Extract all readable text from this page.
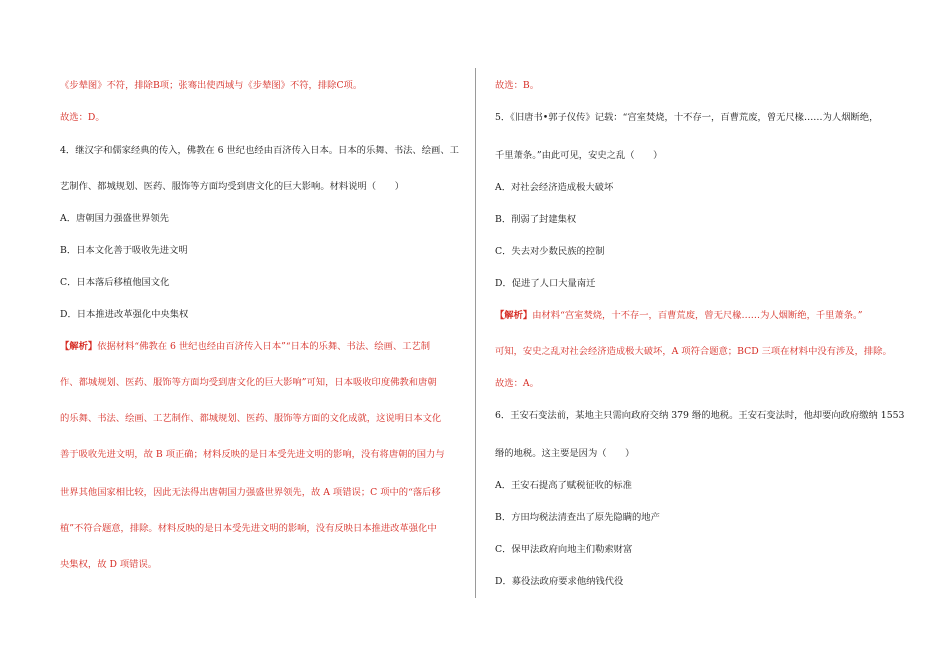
《步辇图》不符，排除B项；张骞出使西域与《步辇图》不符，排除C项。
故选：D。
4．继汉字和儒家经典的传入，佛教在 6 世纪也经由百济传入日本。日本的乐舞、书法、绘画、工
艺制作、都城规划、医药、服饰等方面均受到唐文化的巨大影响。材料说明（　　）
A．唐朝国力强盛世界领先
B．日本文化善于吸收先进文明
C．日本落后移植他国文化
D．日本推进改革强化中央集权
【解析】依据材料“佛教在 6 世纪也经由百济传入日本”“日本的乐舞、书法、绘画、工艺制
作、都城规划、医药、服饰等方面均受到唐文化的巨大影响”可知，日本吸收印度佛教和唐朝
的乐舞、书法、绘画、工艺制作、都城规划、医药、服饰等方面的文化成就，这说明日本文化
善于吸收先进文明，故 B 项正确；材料反映的是日本受先进文明的影响，没有将唐朝的国力与
世界其他国家相比较，因此无法得出唐朝国力强盛世界领先，故 A 项错误；C 项中的“落后移
植”不符合题意，排除。材料反映的是日本受先进文明的影响，没有反映日本推进改革强化中
央集权，故 D 项错误。
故选：B。
5．《旧唐书•郭子仪传》记载：“宫室焚烧，十不存一，百曹荒废，曾无尺椽……为人烟断绝，
千里萧条。”由此可见，安史之乱（　　）
A．对社会经济造成极大破坏
B．削弱了封建集权
C．失去对少数民族的控制
D．促进了人口大量南迁
【解析】由材料“宫室焚烧，十不存一，百曹荒废，曾无尺椽……为人烟断绝，千里萧条。”
可知，安史之乱对社会经济造成极大破坏，A 项符合题意；BCD 三项在材料中没有涉及，排除。
故选：A。
6．王安石变法前，某地主只需向政府交纳 379 缗的地税。王安石变法时，他却要向政府缴纳 1553
缗的地税。这主要是因为（　　）
A．王安石提高了赋税征收的标准
B．方田均税法清查出了原先隐瞒的地产
C．保甲法政府向地主们勒索财富
D．募役法政府要求他纳钱代役
